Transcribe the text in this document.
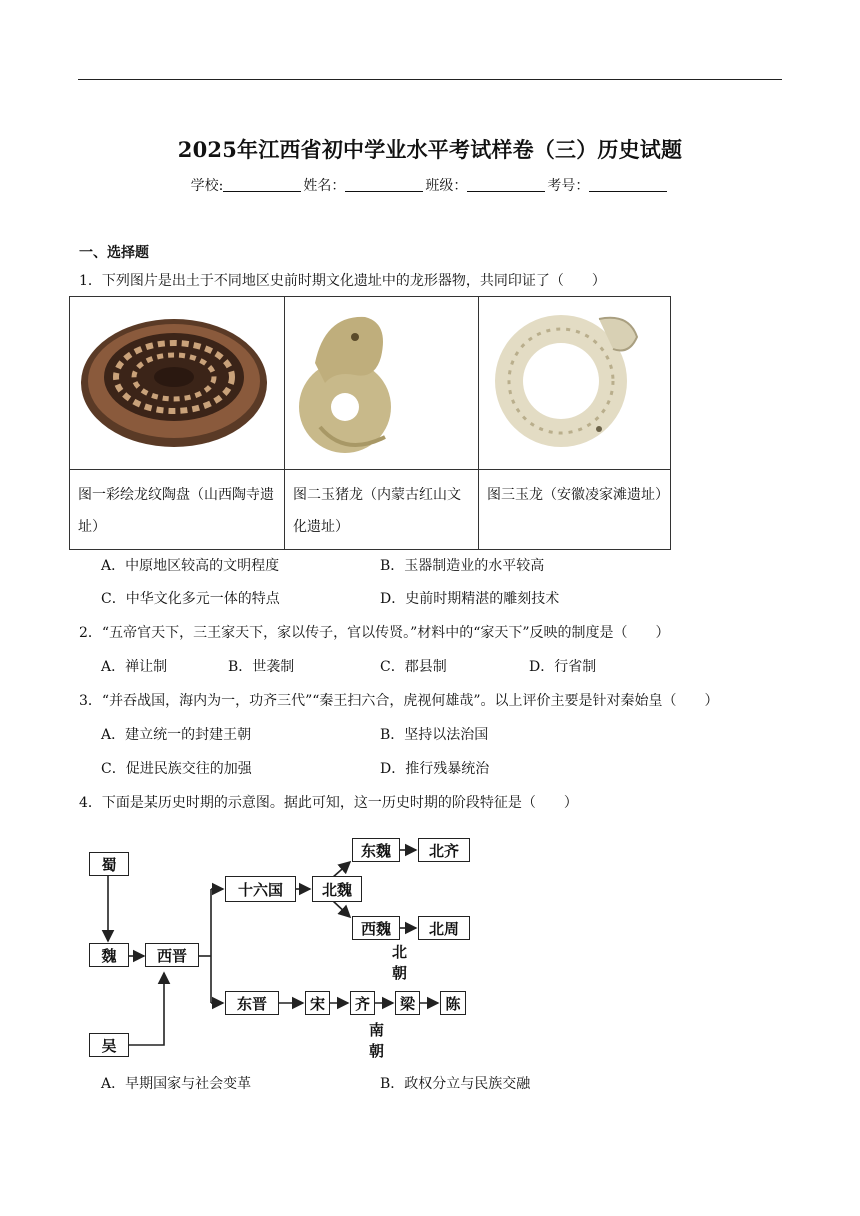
2025年江西省初中学业水平考试样卷（三）历史试题
学校:	姓名：	班级：	考号：
一、选择题
1．下列图片是出土于不同地区史前时期文化遗址中的龙形器物，共同印证了（　　）

图一彩绘龙纹陶盘（山西陶寺遗址）	图二玉猪龙（内蒙古红山文化遗址）	图三玉龙（安徽凌家滩遗址）
A．中原地区较高的文明程度	B．玉器制造业的水平较高
C．中华文化多元一体的特点	D．史前时期精湛的雕刻技术
2．“五帝官天下，三王家天下，家以传子，官以传贤。”材料中的“家天下”反映的制度是（　　）
A．禅让制	B．世袭制	C．郡县制	D．行省制
3．“并吞战国，海内为一，功齐三代”“秦王扫六合，虎视何雄哉”。以上评价主要是针对秦始皇（　　）
A．建立统一的封建王朝	B．坚持以法治国
C．促进民族交往的加强	D．推行残暴统治
4．下面是某历史时期的示意图。据此可知，这一历史时期的阶段特征是（　　）
蜀
魏
吴
西晋
十六国	北魏
东魏	北齐
西魏	北周
北朝
东晋	宋	齐	梁	陈
南朝
A．早期国家与社会变革	B．政权分立与民族交融
